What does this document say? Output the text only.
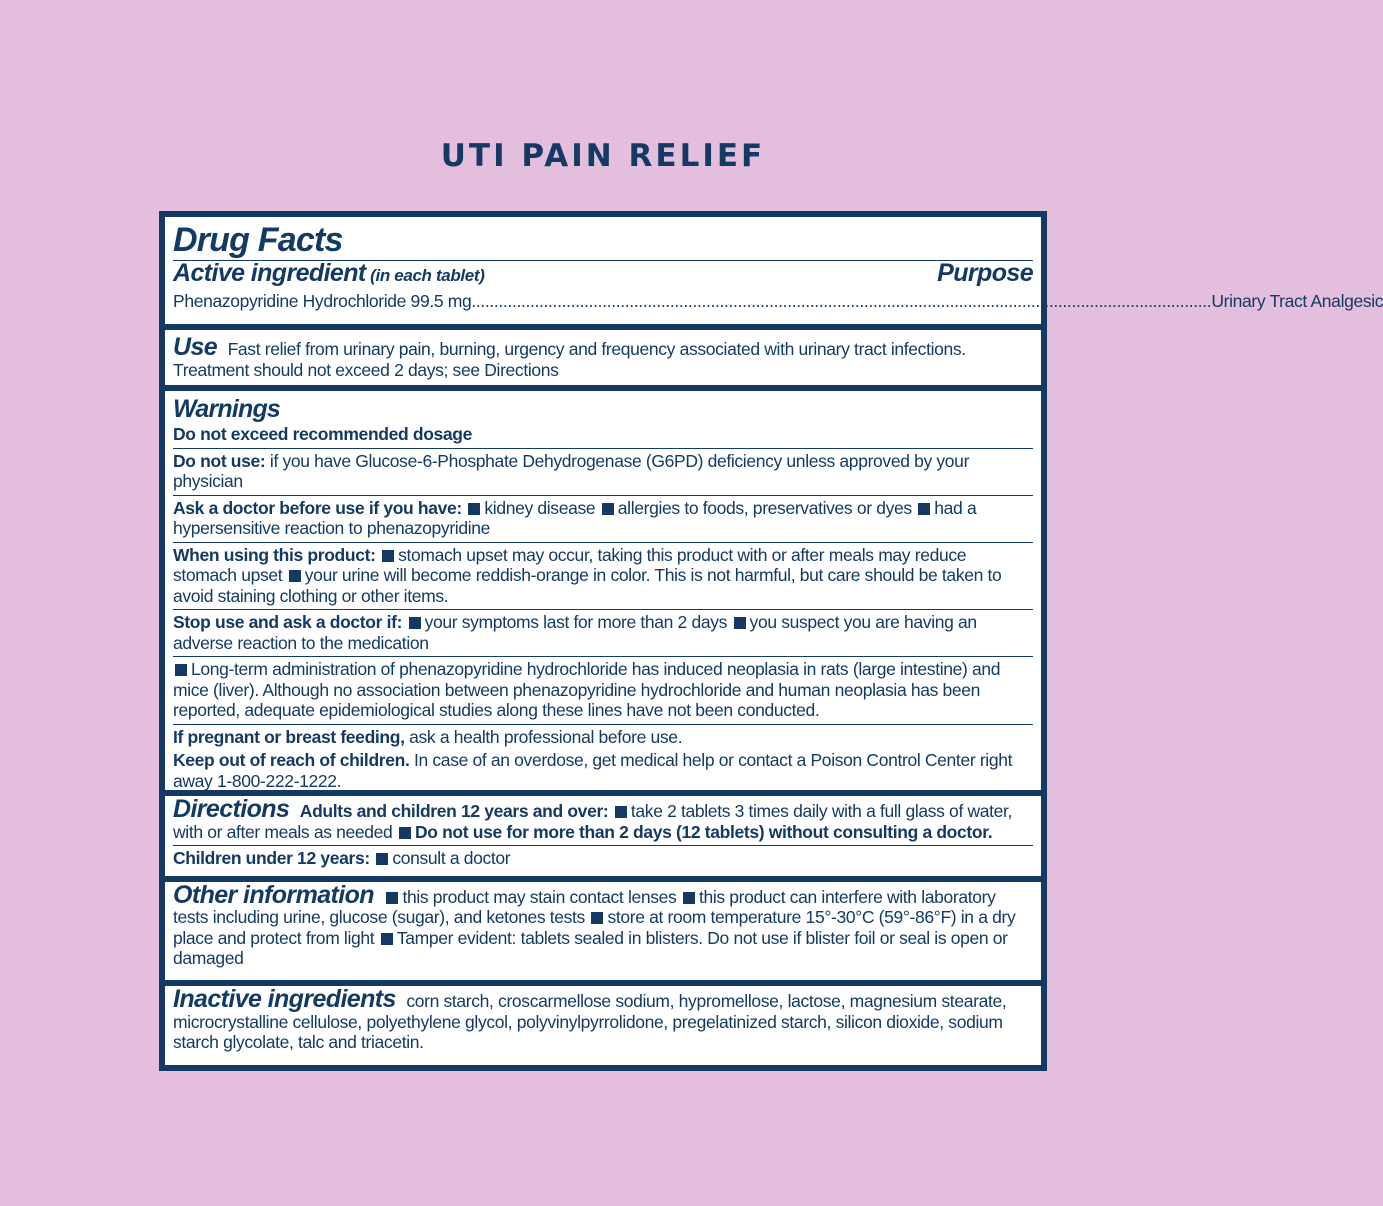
UTI PAIN RELIEF
Drug Facts
Active ingredient (in each tablet)	Purpose
Phenazopyridine Hydrochloride 99.5 mg .................................................................................................................................................................... Urinary Tract Analgesic
Use Fast relief from urinary pain, burning, urgency and frequency associated with urinary tract infections. Treatment should not exceed 2 days; see Directions
Warnings
Do not exceed recommended dosage
Do not use: if you have Glucose-6-Phosphate Dehydrogenase (G6PD) deficiency unless approved by your physician
Ask a doctor before use if you have: kidney disease allergies to foods, preservatives or dyes had a hypersensitive reaction to phenazopyridine
When using this product: stomach upset may occur, taking this product with or after meals may reduce stomach upset your urine will become reddish-orange in color. This is not harmful, but care should be taken to avoid staining clothing or other items.
Stop use and ask a doctor if: your symptoms last for more than 2 days you suspect you are having an adverse reaction to the medication
Long-term administration of phenazopyridine hydrochloride has induced neoplasia in rats (large intestine) and mice (liver). Although no association between phenazopyridine hydrochloride and human neoplasia has been reported, adequate epidemiological studies along these lines have not been conducted.
If pregnant or breast feeding, ask a health professional before use.
Keep out of reach of children. In case of an overdose, get medical help or contact a Poison Control Center right away 1-800-222-1222.
Directions Adults and children 12 years and over: take 2 tablets 3 times daily with a full glass of water, with or after meals as needed Do not use for more than 2 days (12 tablets) without consulting a doctor.
Children under 12 years: consult a doctor
Other information this product may stain contact lenses this product can interfere with laboratory tests including urine, glucose (sugar), and ketones tests store at room temperature 15°-30°C (59°-86°F) in a dry place and protect from light Tamper evident: tablets sealed in blisters. Do not use if blister foil or seal is open or damaged
Inactive ingredients corn starch, croscarmellose sodium, hypromellose, lactose, magnesium stearate, microcrystalline cellulose, polyethylene glycol, polyvinylpyrrolidone, pregelatinized starch, silicon dioxide, sodium starch glycolate, talc and triacetin.
